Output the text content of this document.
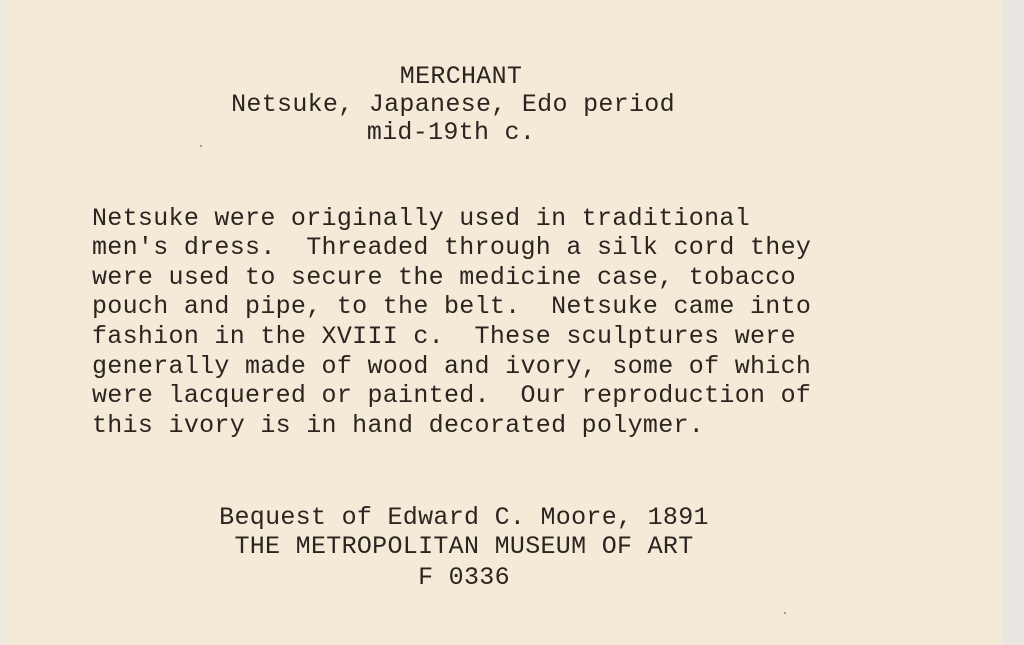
MERCHANT
Netsuke, Japanese, Edo period
mid-19th c.
Netsuke were originally used in traditional
men's dress.  Threaded through a silk cord they
were used to secure the medicine case, tobacco
pouch and pipe, to the belt.  Netsuke came into
fashion in the XVIII c.  These sculptures were
generally made of wood and ivory, some of which
were lacquered or painted.  Our reproduction of
this ivory is in hand decorated polymer.
Bequest of Edward C. Moore, 1891
THE METROPOLITAN MUSEUM OF ART
F 0336
